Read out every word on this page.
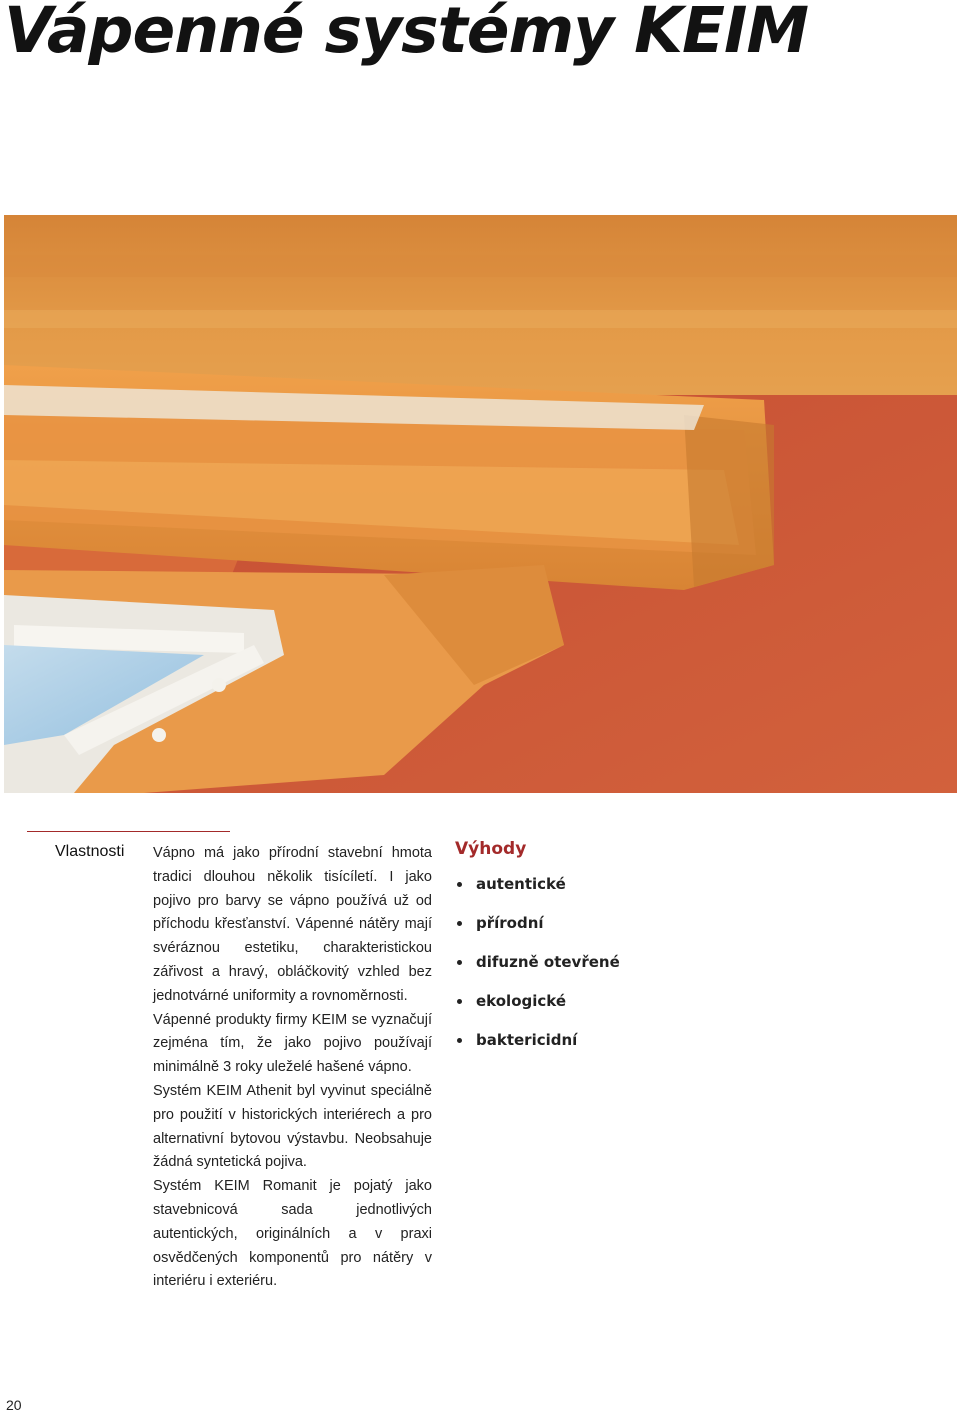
Vápenné systémy KEIM
Vlastnosti Vápno má jako přírodní stavební hmota tradici dlouhou několik tisícíletí. I jako pojivo pro barvy se vápno používá už od příchodu křesťanství. Vápenné nátěry mají svéráznou estetiku, charakteristickou zářivost a hravý, obláčkovitý vzhled bez jednotvárné uniformity a rovnoměrnosti.

Vápenné produkty firmy KEIM se vyznačují zejména tím, že jako pojivo používají minimálně 3 roky uleželé hašené vápno.

Systém KEIM Athenit byl vyvinut speciálně pro použití v historických interiérech a pro alternativní bytovou výstavbu. Neobsahuje žádná syntetická pojiva.

Systém KEIM Romanit je pojatý jako stavebnicová sada jednotlivých autentických, originálních a v praxi osvědčených komponentů pro nátěry v interiéru i exteriéru.

Výhody
autentické
přírodní
difuzně otevřené
ekologické
baktericidní
20
